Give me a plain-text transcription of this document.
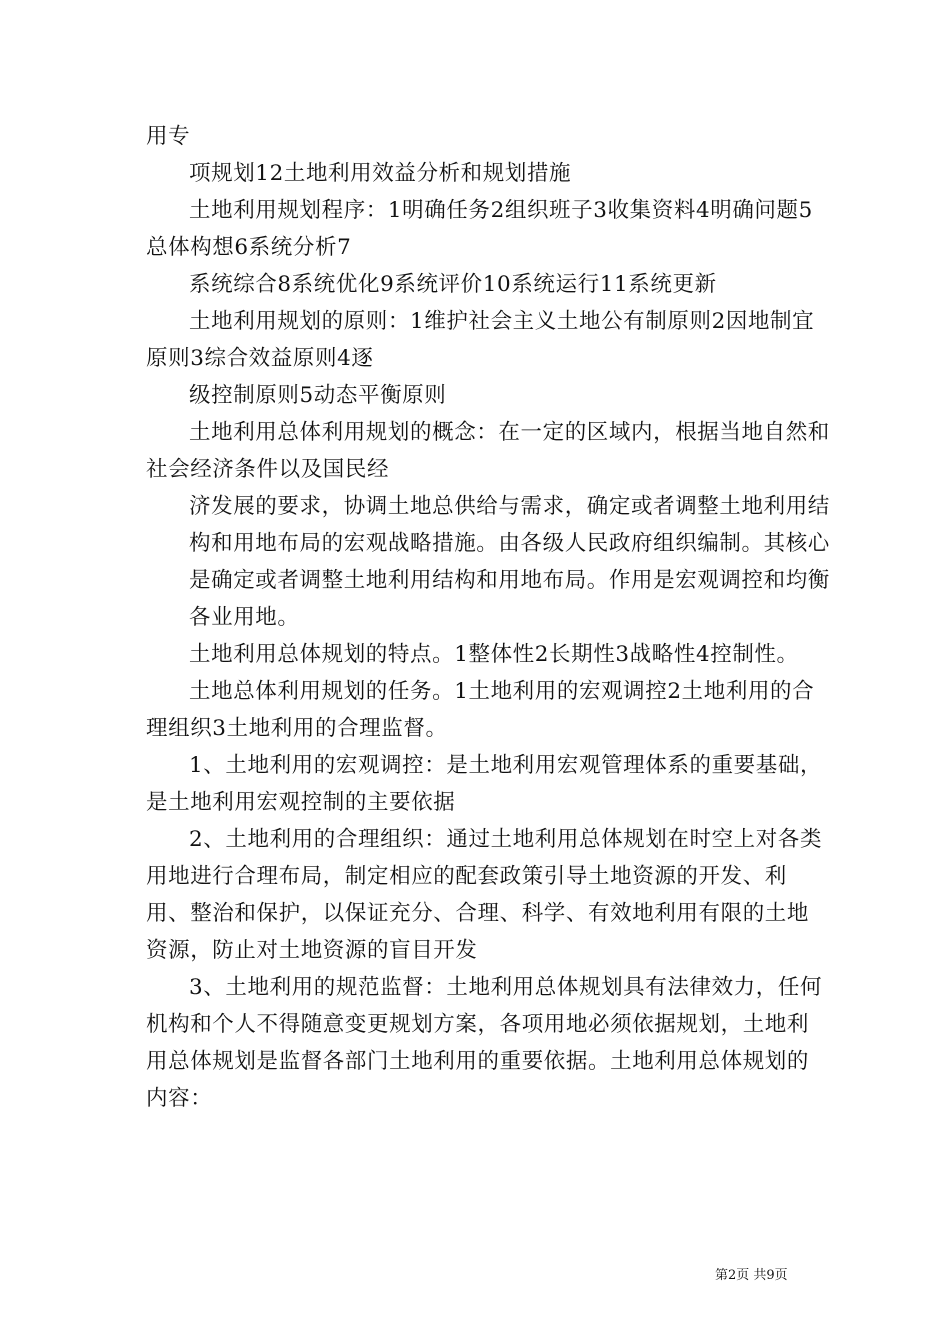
用专

项规划12土地利用效益分析和规划措施

土地利用规划程序：1明确任务2组织班子3收集资料4明确问题5总体构想6系统分析7

系统综合8系统优化9系统评价10系统运行11系统更新

土地利用规划的原则：1维护社会主义土地公有制原则2因地制宜原则3综合效益原则4逐

级控制原则5动态平衡原则

土地利用总体利用规划的概念：在一定的区域内，根据当地自然和社会经济条件以及国民经

济发展的要求，协调土地总供给与需求，确定或者调整土地利用结

构和用地布局的宏观战略措施。由各级人民政府组织编制。其核心

是确定或者调整土地利用结构和用地布局。作用是宏观调控和均衡

各业用地。

土地利用总体规划的特点。1整体性2长期性3战略性4控制性。

土地总体利用规划的任务。1土地利用的宏观调控2土地利用的合理组织3土地利用的合理监督。

1、土地利用的宏观调控：是土地利用宏观管理体系的重要基础，是土地利用宏观控制的主要依据

2、土地利用的合理组织：通过土地利用总体规划在时空上对各类用地进行合理布局，制定相应的配套政策引导土地资源的开发、利用、整治和保护，以保证充分、合理、科学、有效地利用有限的土地资源，防止对土地资源的盲目开发

3、土地利用的规范监督：土地利用总体规划具有法律效力，任何机构和个人不得随意变更规划方案，各项用地必须依据规划，土地利用总体规划是监督各部门土地利用的重要依据。土地利用总体规划的内容：

第2页 共9页
